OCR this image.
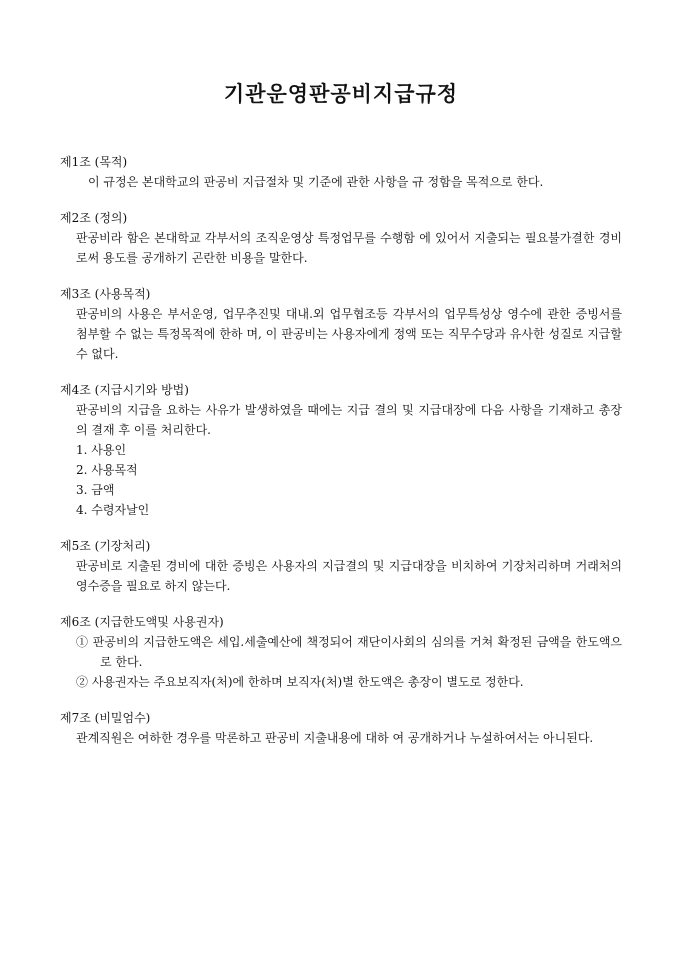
기관운영판공비지급규정

제1조 (목적)

이 규정은 본대학교의 판공비 지급절차 및 기준에 관한 사항을 규 정함을 목적으로 한다.

제2조 (정의)

판공비라 함은 본대학교 각부서의 조직운영상 특정업무를 수행함 에 있어서 지출되는 필요불가결한 경비로써 용도를 공개하기 곤란한 비용을 말한다.

제3조 (사용목적)

판공비의 사용은 부서운영, 업무추진및 대내.외 업무협조등 각부서의 업무특성상 영수에 관한 증빙서를 첨부할 수 없는 특정목적에 한하 며, 이 판공비는 사용자에게 정액 또는 직무수당과 유사한 성질로 지급할수 없다.

제4조 (지급시기와 방법)

판공비의 지급을 요하는 사유가 발생하였을 때에는 지급 결의 및 지급대장에 다음 사항을 기재하고 총장의 결재 후 이를 처리한다.

1. 사용인
2. 사용목적
3. 금액
4. 수령자날인

제5조 (기장처리)

판공비로 지출된 경비에 대한 증빙은 사용자의 지급결의 및 지급대장을 비치하여 기장처리하며 거래처의 영수증을 필요로 하지 않는다.

제6조 (지급한도액및 사용권자)

① 판공비의 지급한도액은 세입.세출예산에 책정되어 재단이사회의 심의를 거쳐 확정된 금액을 한도액으로 한다.

② 사용권자는 주요보직자(처)에 한하며 보직자(처)별 한도액은 총장이 별도로 정한다.

제7조 (비밀엄수)

관계직원은 여하한 경우를 막론하고 판공비 지출내용에 대하 여 공개하거나 누설하여서는 아니된다.
